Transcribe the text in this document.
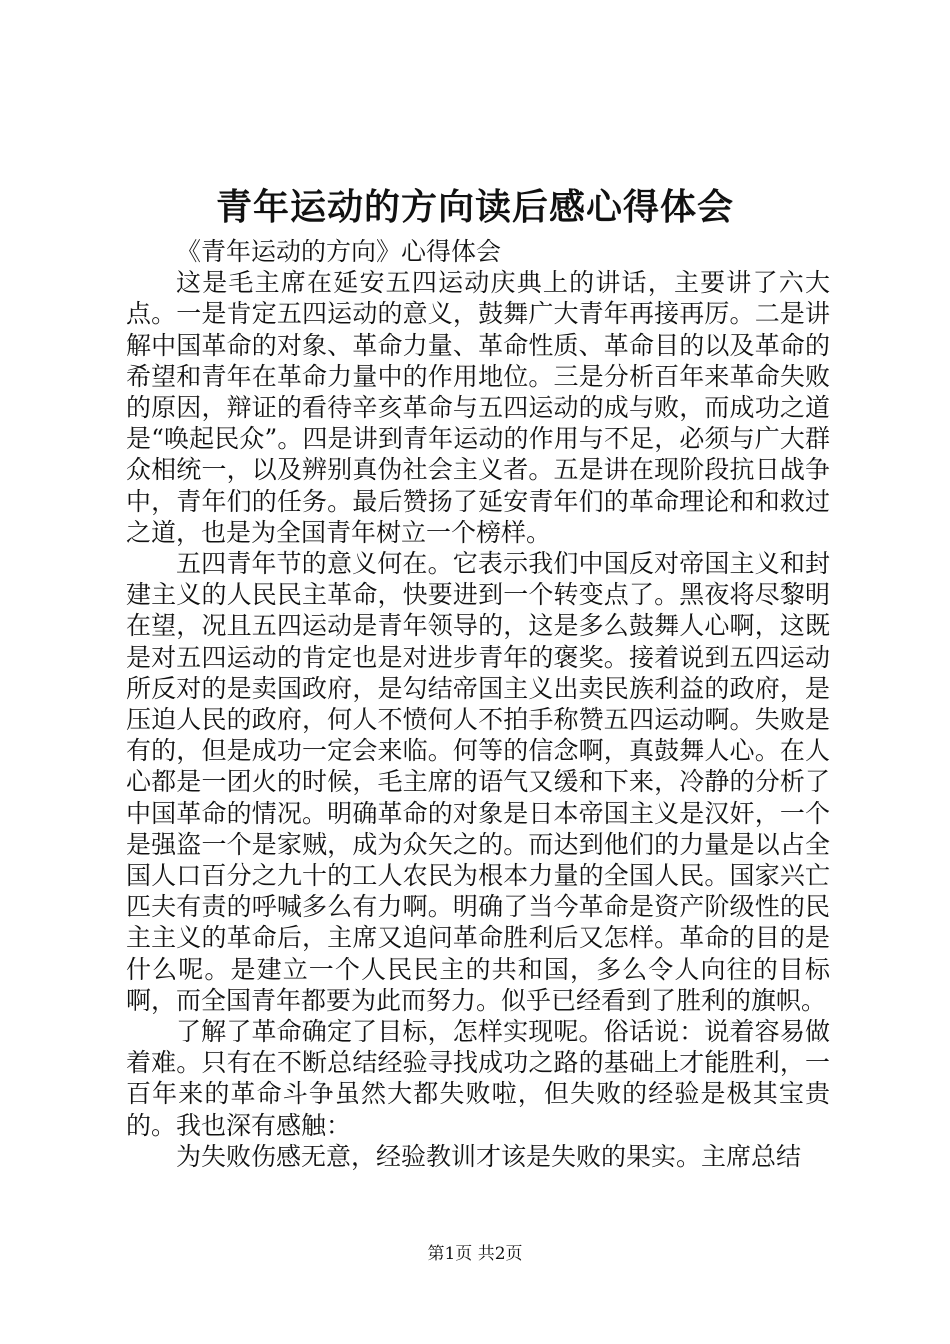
青年运动的方向读后感心得体会

《青年运动的方向》心得体会

这是毛主席在延安五四运动庆典上的讲话，主要讲了六大点。一是肯定五四运动的意义，鼓舞广大青年再接再厉。二是讲解中国革命的对象、革命力量、革命性质、革命目的以及革命的希望和青年在革命力量中的作用地位。三是分析百年来革命失败的原因，辩证的看待辛亥革命与五四运动的成与败，而成功之道是“唤起民众”。四是讲到青年运动的作用与不足，必须与广大群众相统一，以及辨别真伪社会主义者。五是讲在现阶段抗日战争中，青年们的任务。最后赞扬了延安青年们的革命理论和和救过之道，也是为全国青年树立一个榜样。

五四青年节的意义何在。它表示我们中国反对帝国主义和封建主义的人民民主革命，快要进到一个转变点了。黑夜将尽黎明在望，况且五四运动是青年领导的，这是多么鼓舞人心啊，这既是对五四运动的肯定也是对进步青年的褒奖。接着说到五四运动所反对的是卖国政府，是勾结帝国主义出卖民族利益的政府，是压迫人民的政府，何人不愤何人不拍手称赞五四运动啊。失败是有的，但是成功一定会来临。何等的信念啊，真鼓舞人心。在人心都是一团火的时候，毛主席的语气又缓和下来，冷静的分析了中国革命的情况。明确革命的对象是日本帝国主义是汉奸，一个是强盗一个是家贼，成为众矢之的。而达到他们的力量是以占全国人口百分之九十的工人农民为根本力量的全国人民。国家兴亡匹夫有责的呼喊多么有力啊。明确了当今革命是资产阶级性的民主主义的革命后，主席又追问革命胜利后又怎样。革命的目的是什么呢。是建立一个人民民主的共和国，多么令人向往的目标啊，而全国青年都要为此而努力。似乎已经看到了胜利的旗帜。

了解了革命确定了目标，怎样实现呢。俗话说：说着容易做着难。只有在不断总结经验寻找成功之路的基础上才能胜利，一百年来的革命斗争虽然大都失败啦，但失败的经验是极其宝贵的。我也深有感触：

为失败伤感无意，经验教训才该是失败的果实。主席总结

第1页 共2页
